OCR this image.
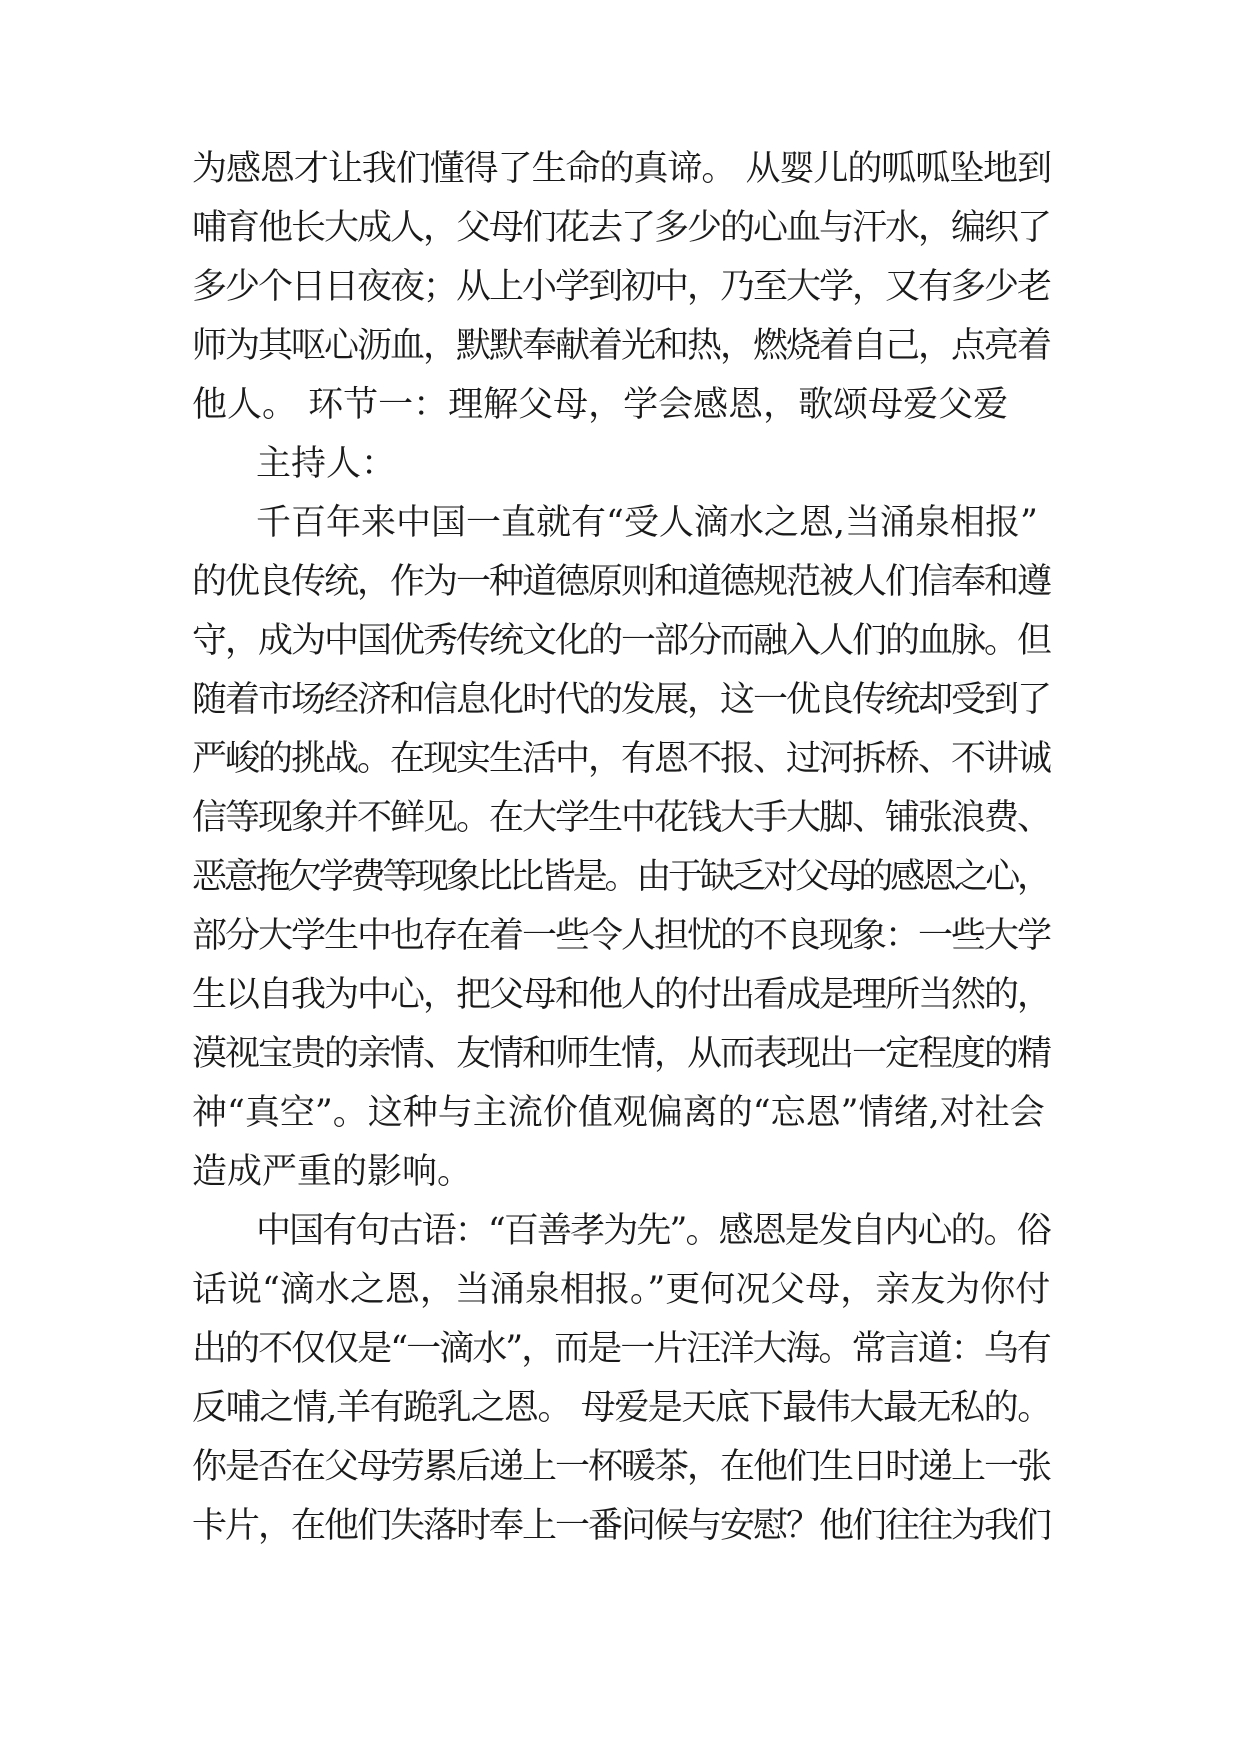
为感恩才让我们懂得了生命的真谛。 从婴儿的呱呱坠地到
哺育他长大成人，父母们花去了多少的心血与汗水，编织了
多少个日日夜夜；从上小学到初中，乃至大学，又有多少老
师为其呕心沥血，默默奉献着光和热，燃烧着自己，点亮着
他人。 环节一：理解父母，学会感恩，歌颂母爱父爱
主持人：
千百年来中国一直就有“受人滴水之恩,当涌泉相报”
的优良传统，作为一种道德原则和道德规范被人们信奉和遵
守，成为中国优秀传统文化的一部分而融入人们的血脉。但
随着市场经济和信息化时代的发展，这一优良传统却受到了
严峻的挑战。在现实生活中，有恩不报、过河拆桥、不讲诚
信等现象并不鲜见。在大学生中花钱大手大脚、铺张浪费、
恶意拖欠学费等现象比比皆是。由于缺乏对父母的感恩之心，
部分大学生中也存在着一些令人担忧的不良现象：一些大学
生以自我为中心，把父母和他人的付出看成是理所当然的，
漠视宝贵的亲情、友情和师生情，从而表现出一定程度的精
神“真空”。这种与主流价值观偏离的“忘恩”情绪,对社会
造成严重的影响。
中国有句古语：“百善孝为先”。感恩是发自内心的。俗
话说“滴水之恩，当涌泉相报。”更何况父母，亲友为你付
出的不仅仅是“一滴水”，而是一片汪洋大海。常言道：乌有
反哺之情,羊有跪乳之恩。 母爱是天底下最伟大最无私的。
你是否在父母劳累后递上一杯暖茶，在他们生日时递上一张
卡片，在他们失落时奉上一番问候与安慰？他们往往为我们
